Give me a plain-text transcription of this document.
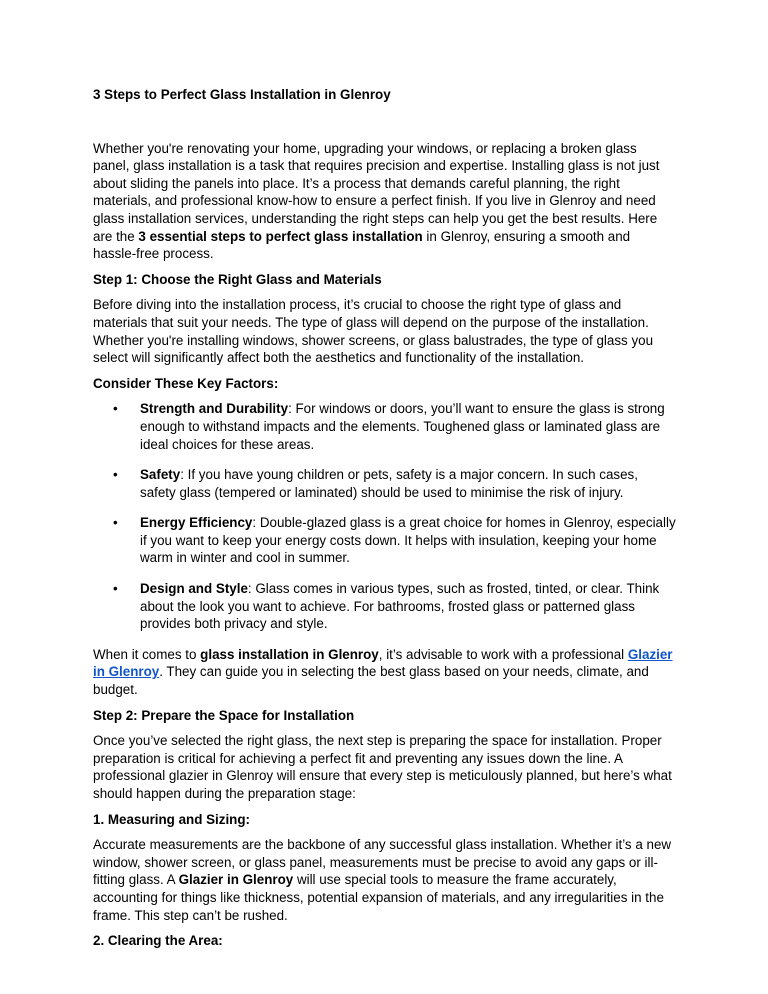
3 Steps to Perfect Glass Installation in Glenroy

Whether you're renovating your home, upgrading your windows, or replacing a broken glass panel, glass installation is a task that requires precision and expertise. Installing glass is not just about sliding the panels into place. It’s a process that demands careful planning, the right materials, and professional know-how to ensure a perfect finish. If you live in Glenroy and need glass installation services, understanding the right steps can help you get the best results. Here are the 3 essential steps to perfect glass installation in Glenroy, ensuring a smooth and hassle-free process.

Step 1: Choose the Right Glass and Materials

Before diving into the installation process, it’s crucial to choose the right type of glass and materials that suit your needs. The type of glass will depend on the purpose of the installation. Whether you're installing windows, shower screens, or glass balustrades, the type of glass you select will significantly affect both the aesthetics and functionality of the installation.

Consider These Key Factors:

• Strength and Durability: For windows or doors, you’ll want to ensure the glass is strong enough to withstand impacts and the elements. Toughened glass or laminated glass are ideal choices for these areas.
• Safety: If you have young children or pets, safety is a major concern. In such cases, safety glass (tempered or laminated) should be used to minimise the risk of injury.
• Energy Efficiency: Double-glazed glass is a great choice for homes in Glenroy, especially if you want to keep your energy costs down. It helps with insulation, keeping your home warm in winter and cool in summer.
• Design and Style: Glass comes in various types, such as frosted, tinted, or clear. Think about the look you want to achieve. For bathrooms, frosted glass or patterned glass provides both privacy and style.

When it comes to glass installation in Glenroy, it’s advisable to work with a professional Glazier in Glenroy. They can guide you in selecting the best glass based on your needs, climate, and budget.

Step 2: Prepare the Space for Installation

Once you’ve selected the right glass, the next step is preparing the space for installation. Proper preparation is critical for achieving a perfect fit and preventing any issues down the line. A professional glazier in Glenroy will ensure that every step is meticulously planned, but here’s what should happen during the preparation stage:

1. Measuring and Sizing:

Accurate measurements are the backbone of any successful glass installation. Whether it’s a new window, shower screen, or glass panel, measurements must be precise to avoid any gaps or ill-fitting glass. A Glazier in Glenroy will use special tools to measure the frame accurately, accounting for things like thickness, potential expansion of materials, and any irregularities in the frame. This step can’t be rushed.

2. Clearing the Area:
